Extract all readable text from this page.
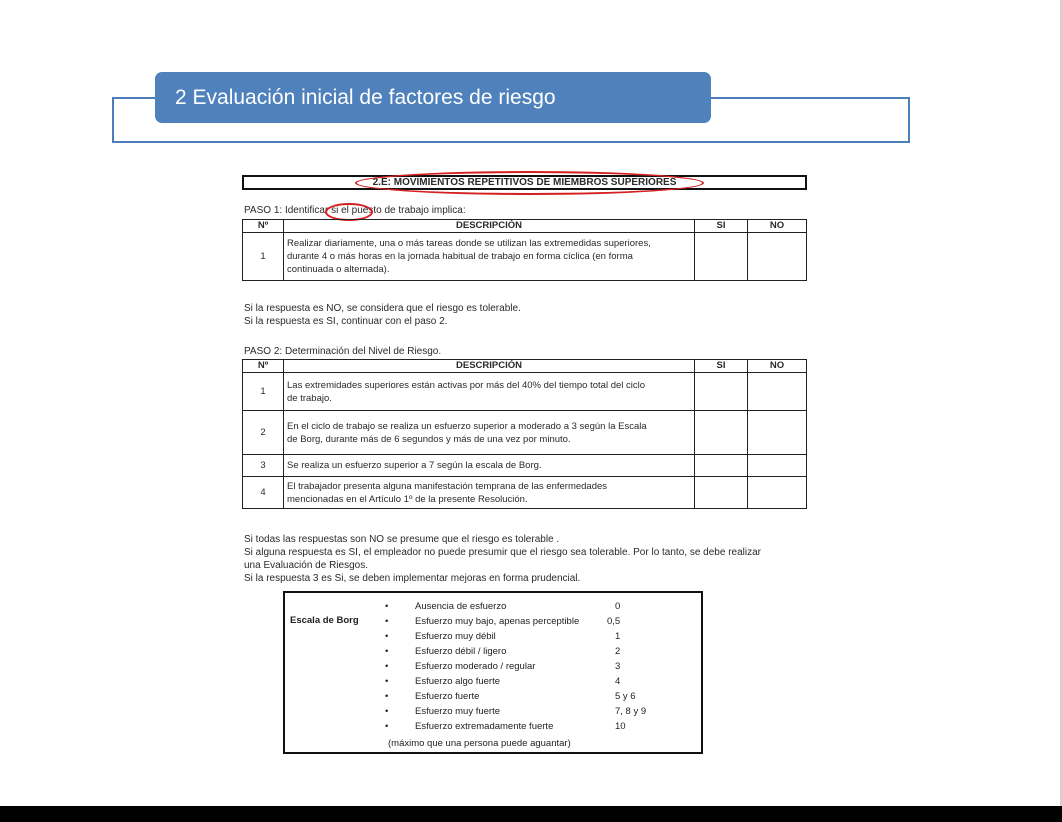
2 Evaluación inicial de factores de riesgo
2.E: MOVIMIENTOS REPETITIVOS DE MIEMBROS SUPERIORES
PASO 1: Identificar si el puesto de trabajo implica:
Nº	DESCRIPCIÓN	SI	NO
1	Realizar diariamente, una o más tareas donde se utilizan las extremedidas superiores,
durante 4 o más horas en la jornada habitual de trabajo en forma cíclica (en forma
continuada o alternada).		

Si la respuesta es NO, se considera que el riesgo es tolerable.
Si la respuesta es SI, continuar con el paso 2.
PASO 2: Determinación del Nivel de Riesgo.
Nº	DESCRIPCIÓN	SI	NO
1	Las extremidades superiores están activas por más del 40% del tiempo total del ciclo
de trabajo.		

2	En el ciclo de trabajo se realiza un esfuerzo superior a moderado a 3 según la Escala
de Borg, durante más de 6 segundos y más de una vez por minuto.		

3	Se realiza un esfuerzo superior a 7 según la escala de Borg.		

4	El trabajador presenta alguna manifestación temprana de las enfermedades
mencionadas en el Artículo 1º de la presente Resolución.		

Si todas las respuestas son NO se presume que el riesgo es tolerable .
Si alguna respuesta es SI, el empleador no puede presumir que el riesgo sea tolerable. Por lo tanto, se debe realizar
una Evaluación de Riesgos.
Si la respuesta 3 es Si, se deben implementar mejoras en forma prudencial.
Escala de Borg
•	Ausencia de esfuerzo	0
•	Esfuerzo muy bajo, apenas perceptible	0,5
•	Esfuerzo muy débil	1
•	Esfuerzo débil / ligero	2
•	Esfuerzo moderado / regular	3
•	Esfuerzo algo fuerte	4
•	Esfuerzo fuerte	5 y 6
•	Esfuerzo muy fuerte	7, 8 y 9
•	Esfuerzo extremadamente fuerte	10
(máximo que una persona puede aguantar)
